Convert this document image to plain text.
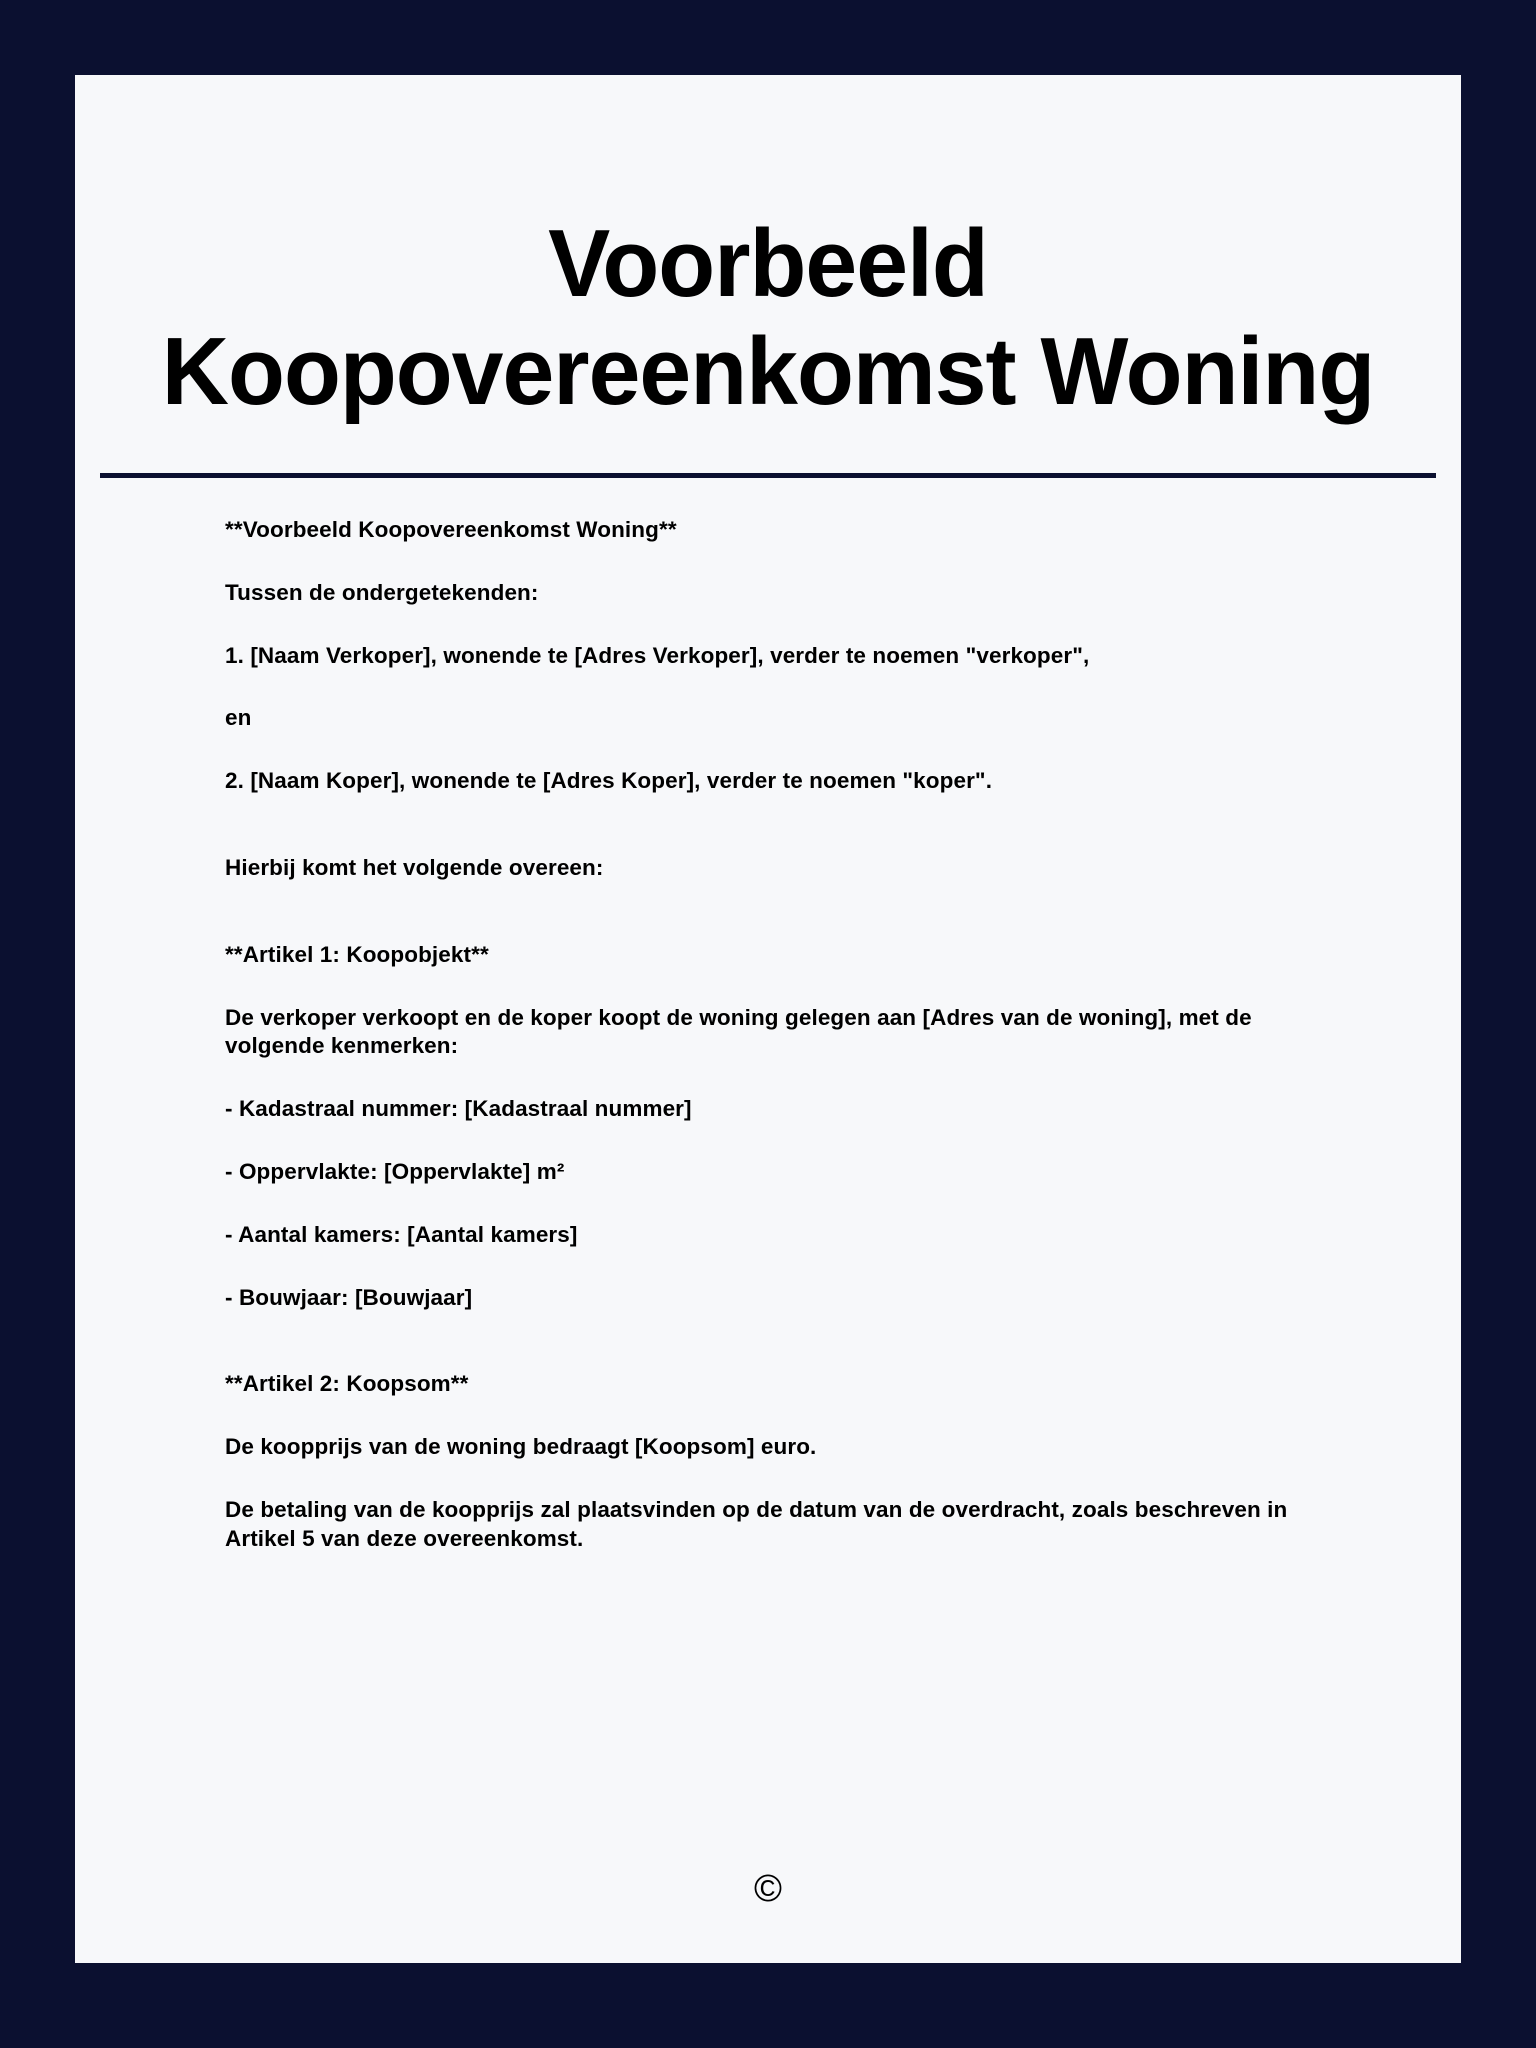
Voorbeeld Koopovereenkomst Woning

**Voorbeeld Koopovereenkomst Woning**

Tussen de ondergetekenden:

1. [Naam Verkoper], wonende te [Adres Verkoper], verder te noemen "verkoper",

en

2. [Naam Koper], wonende te [Adres Koper], verder te noemen "koper".

Hierbij komt het volgende overeen:

**Artikel 1: Koopobjekt**

De verkoper verkoopt en de koper koopt de woning gelegen aan [Adres van de woning], met de volgende kenmerken:

- Kadastraal nummer: [Kadastraal nummer]

- Oppervlakte: [Oppervlakte] m²

- Aantal kamers: [Aantal kamers]

- Bouwjaar: [Bouwjaar]

**Artikel 2: Koopsom**

De koopprijs van de woning bedraagt [Koopsom] euro.

De betaling van de koopprijs zal plaatsvinden op de datum van de overdracht, zoals beschreven in Artikel 5 van deze overeenkomst.

©
